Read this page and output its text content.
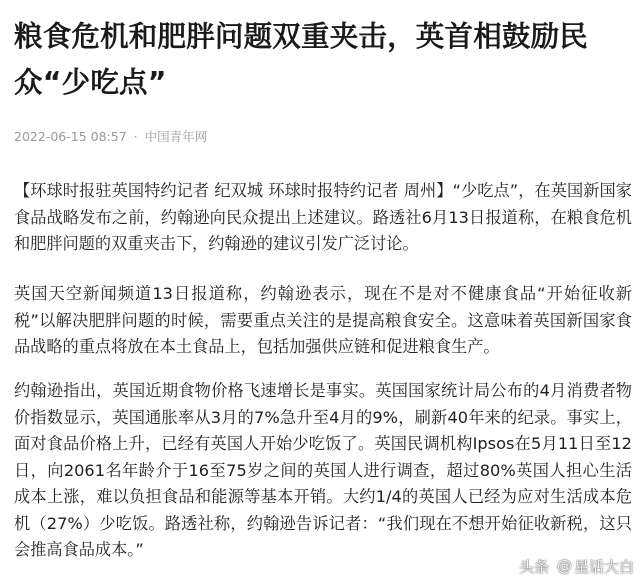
粮食危机和肥胖问题双重夹击，英首相鼓励民众“少吃点”
2022-06-15 08:57 · 中国青年网

【环球时报驻英国特约记者 纪双城 环球时报特约记者 周州】“少吃点”，在英国新国家食品战略发布之前，约翰逊向民众提出上述建议。路透社6月13日报道称，在粮食危机和肥胖问题的双重夹击下，约翰逊的建议引发广泛讨论。

英国天空新闻频道13日报道称，约翰逊表示，现在不是对不健康食品“开始征收新税”以解决肥胖问题的时候，需要重点关注的是提高粮食安全。这意味着英国新国家食品战略的重点将放在本土食品上，包括加强供应链和促进粮食生产。

约翰逊指出，英国近期食物价格飞速增长是事实。英国国家统计局公布的4月消费者物价指数显示，英国通胀率从3月的7%急升至4月的9%，刷新40年来的纪录。事实上，面对食品价格上升，已经有英国人开始少吃饭了。英国民调机构Ipsos在5月11日至12日，向2061名年龄介于16至75岁之间的英国人进行调查，超过80%英国人担心生活成本上涨，难以负担食品和能源等基本开销。大约1/4的英国人已经为应对生活成本危机（27%）少吃饭。路透社称，约翰逊告诉记者：“我们现在不想开始征收新税，这只会推高食品成本。”

头条 @ 星话大白
